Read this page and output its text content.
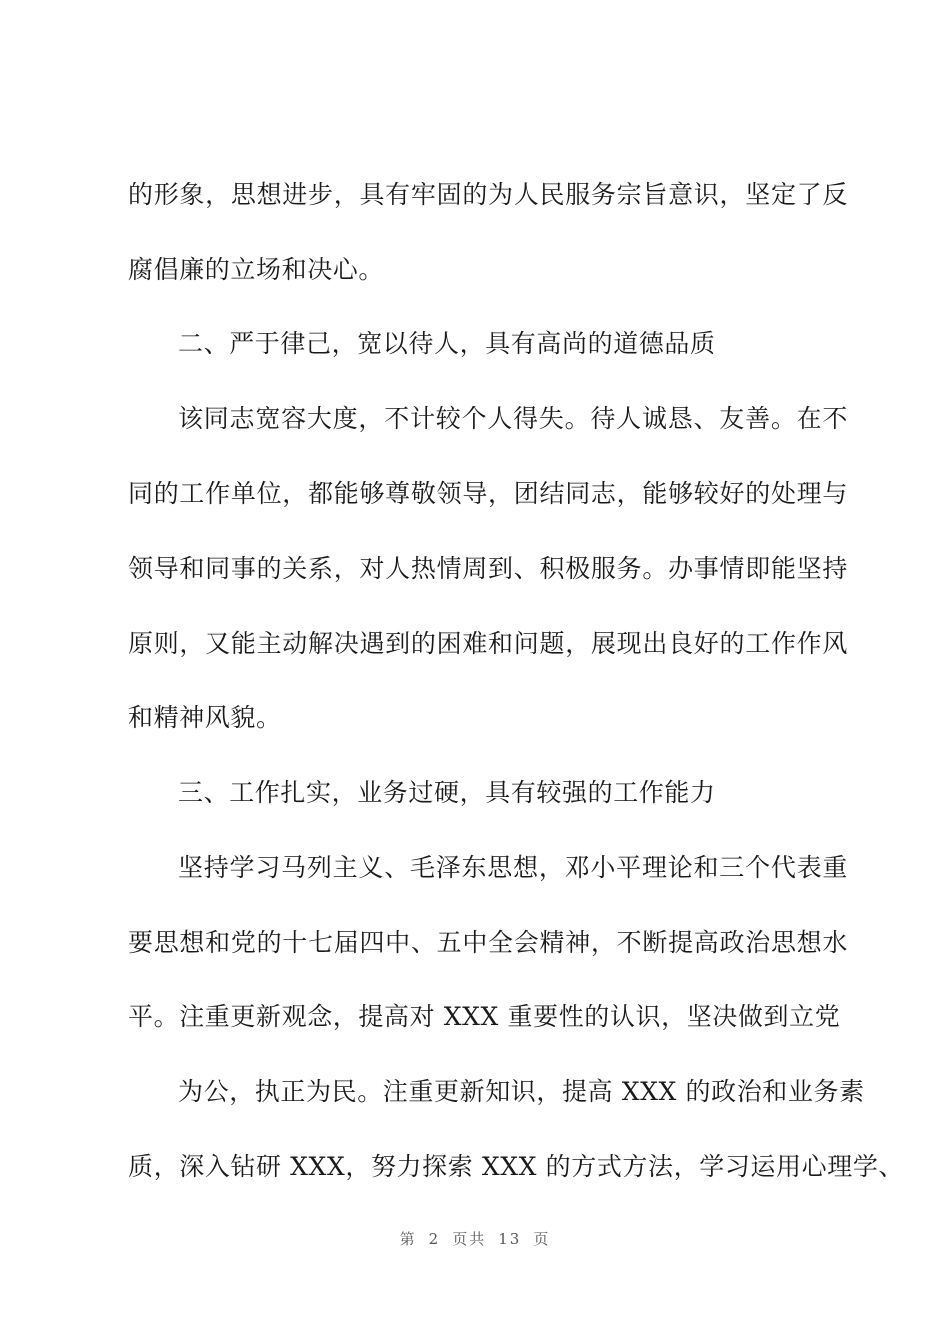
的形象，思想进步，具有牢固的为人民服务宗旨意识，坚定了反
腐倡廉的立场和决心。
二、严于律己，宽以待人，具有高尚的道德品质
该同志宽容大度，不计较个人得失。待人诚恳、友善。在不
同的工作单位，都能够尊敬领导，团结同志，能够较好的处理与
领导和同事的关系，对人热情周到、积极服务。办事情即能坚持
原则，又能主动解决遇到的困难和问题，展现出良好的工作作风
和精神风貌。
三、工作扎实，业务过硬，具有较强的工作能力
坚持学习马列主义、毛泽东思想，邓小平理论和三个代表重
要思想和党的十七届四中、五中全会精神，不断提高政治思想水
平。注重更新观念，提高对 XXX 重要性的认识，坚决做到立党
为公，执正为民。注重更新知识，提高 XXX 的政治和业务素
质，深入钻研 XXX，努力探索 XXX 的方式方法，学习运用心理学、
第 2 页共 13 页
